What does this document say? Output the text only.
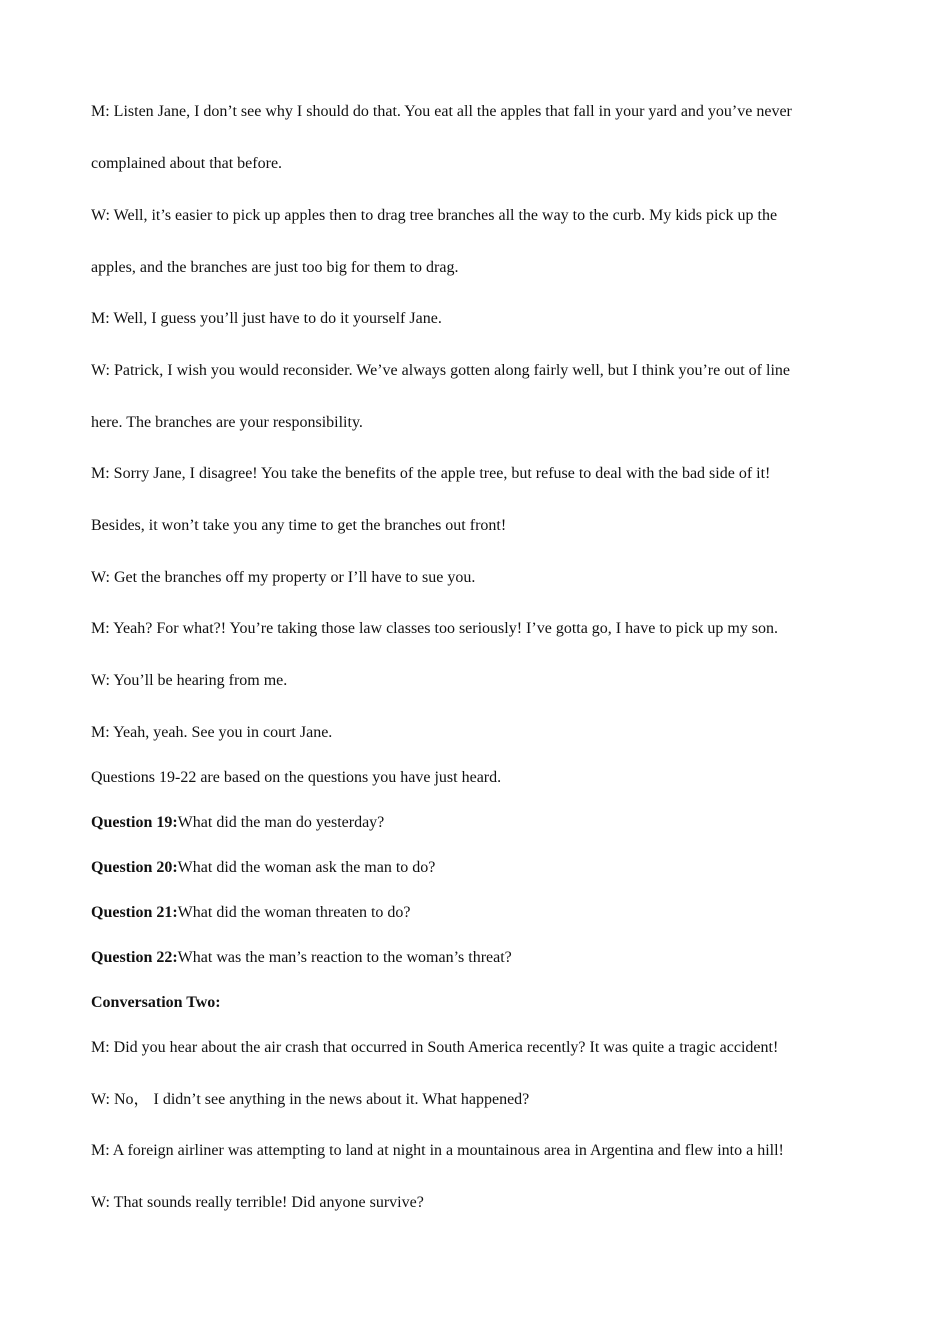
M: Listen Jane, I don’t see why I should do that. You eat all the apples that fall in your yard and you’ve never

complained about that before.

W: Well, it’s easier to pick up apples then to drag tree branches all the way to the curb. My kids pick up the

apples, and the branches are just too big for them to drag.

M: Well, I guess you’ll just have to do it yourself Jane.

W: Patrick, I wish you would reconsider. We’ve always gotten along fairly well, but I think you’re out of line

here. The branches are your responsibility.

M: Sorry Jane, I disagree! You take the benefits of the apple tree, but refuse to deal with the bad side of it!

Besides, it won’t take you any time to get the branches out front!

W: Get the branches off my property or I’ll have to sue you.

M: Yeah? For what?! You’re taking those law classes too seriously! I’ve gotta go, I have to pick up my son.

W: You’ll be hearing from me.

M: Yeah, yeah. See you in court Jane.

Questions 19-22 are based on the questions you have just heard.

Question 19:What did the man do yesterday?

Question 20:What did the woman ask the man to do?

Question 21:What did the woman threaten to do?

Question 22:What was the man’s reaction to the woman’s threat?

Conversation Two:

M: Did you hear about the air crash that occurred in South America recently? It was quite a tragic accident!

W: No， I didn’t see anything in the news about it. What happened?

M: A foreign airliner was attempting to land at night in a mountainous area in Argentina and flew into a hill!

W: That sounds really terrible! Did anyone survive?
